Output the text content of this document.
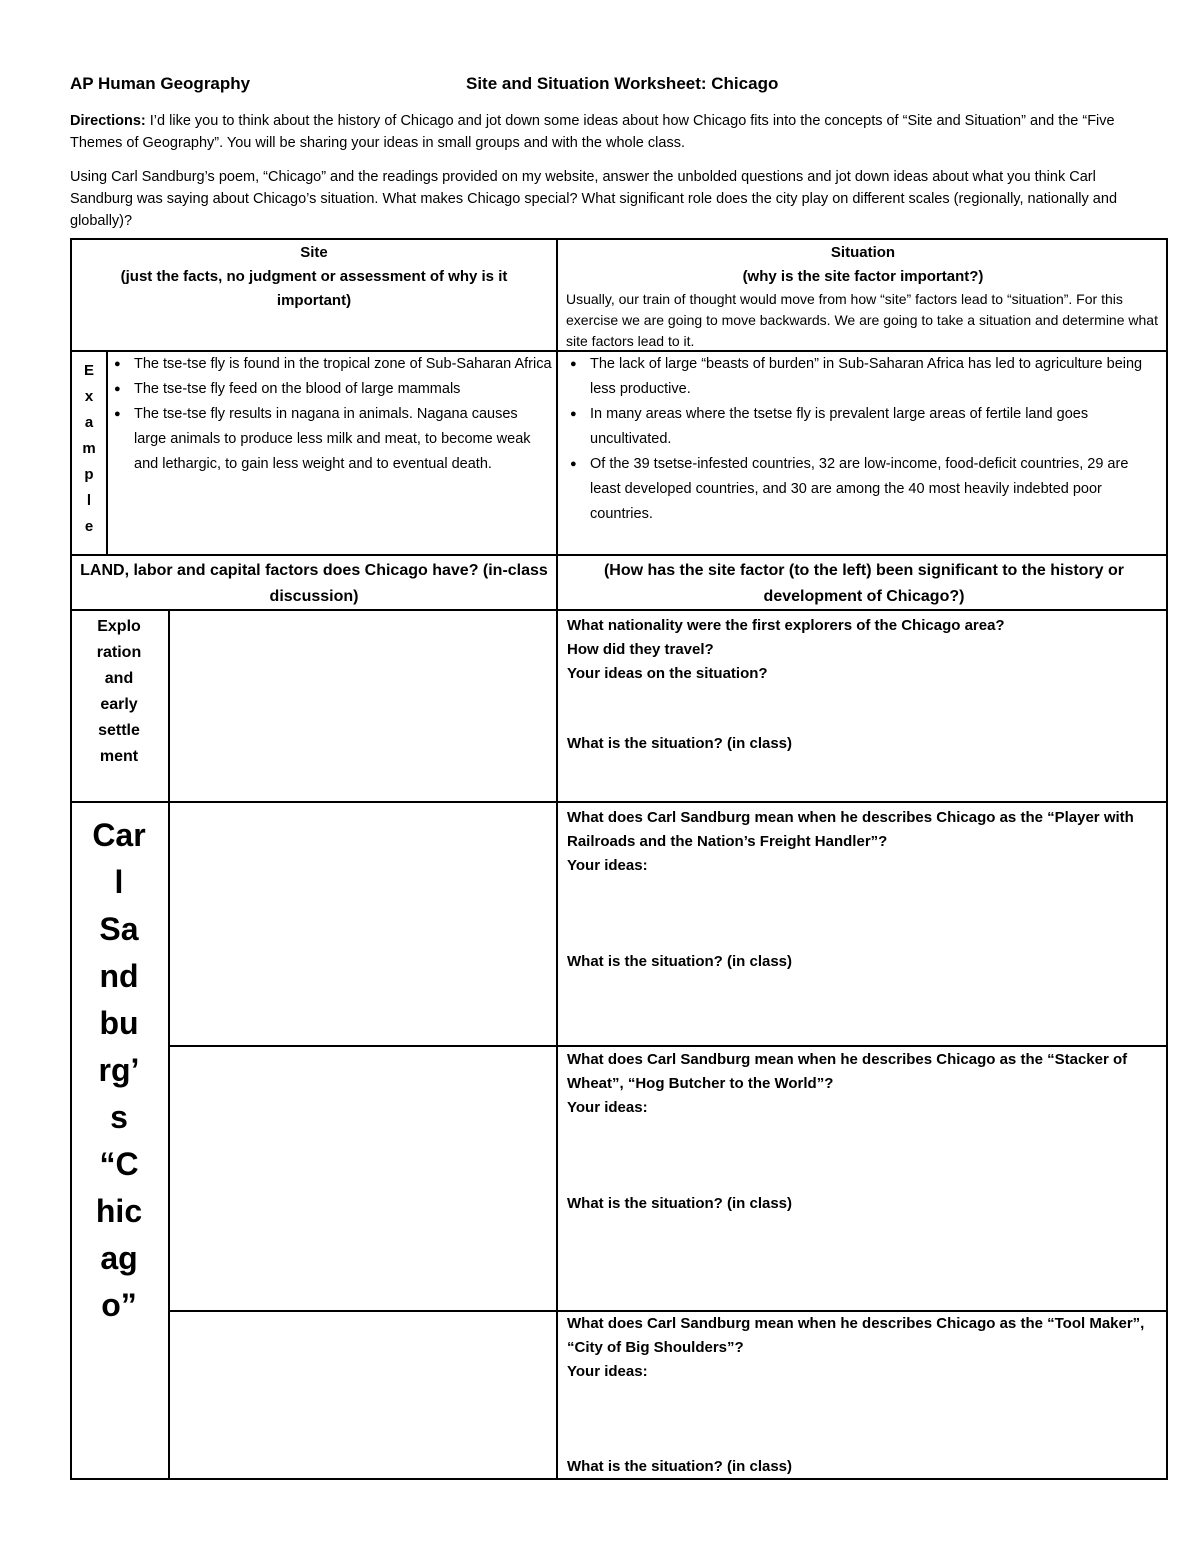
AP Human Geography	Site and Situation Worksheet: Chicago
Directions: I’d like you to think about the history of Chicago and jot down some ideas about how Chicago fits into the concepts of “Site and Situation” and the “Five Themes of Geography”. You will be sharing your ideas in small groups and with the whole class.
Using Carl Sandburg’s poem, “Chicago” and the readings provided on my website, answer the unbolded questions and jot down ideas about what you think Carl Sandburg was saying about Chicago’s situation. What makes Chicago special? What significant role does the city play on different scales (regionally, nationally and globally)?
Site
(just the facts, no judgment or assessment of why is it important)
Situation
(why is the site factor important?)
Usually, our train of thought would move from how “site” factors lead to “situation”. For this exercise we are going to move backwards. We are going to take a situation and determine what site factors lead to it.
E
x
a
m
p
l
e
● The tse-tse fly is found in the tropical zone of Sub-Saharan Africa
● The tse-tse fly feed on the blood of large mammals
● The tse-tse fly results in nagana in animals. Nagana causes large animals to produce less milk and meat, to become weak and lethargic, to gain less weight and to eventual death.
● The lack of large “beasts of burden” in Sub-Saharan Africa has led to agriculture being less productive.
● In many areas where the tsetse fly is prevalent large areas of fertile land goes uncultivated.
● Of the 39 tsetse-infested countries, 32 are low-income, food-deficit countries, 29 are least developed countries, and 30 are among the 40 most heavily indebted poor countries.
LAND, labor and capital factors does Chicago have? (in-class discussion)
(How has the site factor (to the left) been significant to the history or development of Chicago?)
Explo
ration
and
early
settle
ment
What nationality were the first explorers of the Chicago area?
How did they travel?
Your ideas on the situation?
What is the situation? (in class)
Car
l
Sa
nd
bu
rg’
s
“C
hic
ag
o”
What does Carl Sandburg mean when he describes Chicago as the “Player with Railroads and the Nation’s Freight Handler”?
Your ideas:
What is the situation? (in class)
What does Carl Sandburg mean when he describes Chicago as the “Stacker of Wheat”, “Hog Butcher to the World”?
Your ideas:
What is the situation? (in class)
What does Carl Sandburg mean when he describes Chicago as the “Tool Maker”, “City of Big Shoulders”?
Your ideas:
What is the situation? (in class)
